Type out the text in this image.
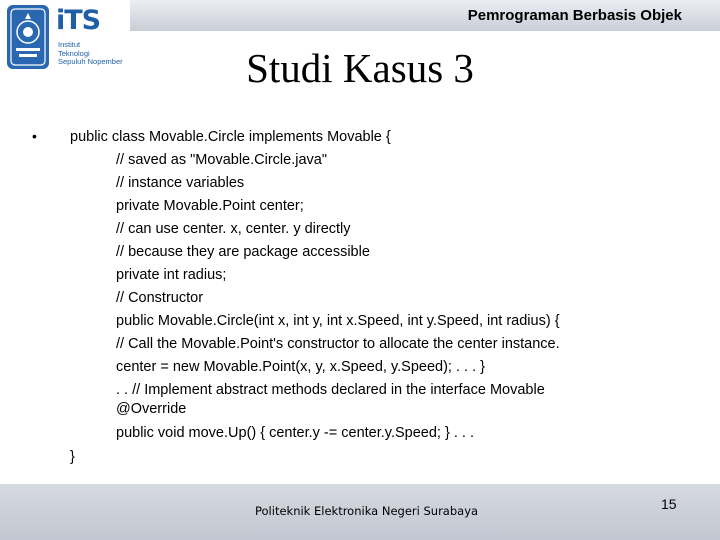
Pemrograman Berbasis Objek
iTS
Institut
Teknologi
Sepuluh Nopember	Studi Kasus 3
• public class Movable.Circle implements Movable {
// saved as "Movable.Circle.java"
// instance variables
private Movable.Point center;
// can use center. x, center. y directly
// because they are package accessible
private int radius;
// Constructor
public Movable.Circle(int x, int y, int x.Speed, int y.Speed, int radius) {
// Call the Movable.Point's constructor to allocate the center instance.
center = new Movable.Point(x, y, x.Speed, y.Speed); . . . }
. . // Implement abstract methods declared in the interface Movable
@Override
public void move.Up() { center.y -= center.y.Speed; } . . .
}
Politeknik Elektronika Negeri Surabaya	15
